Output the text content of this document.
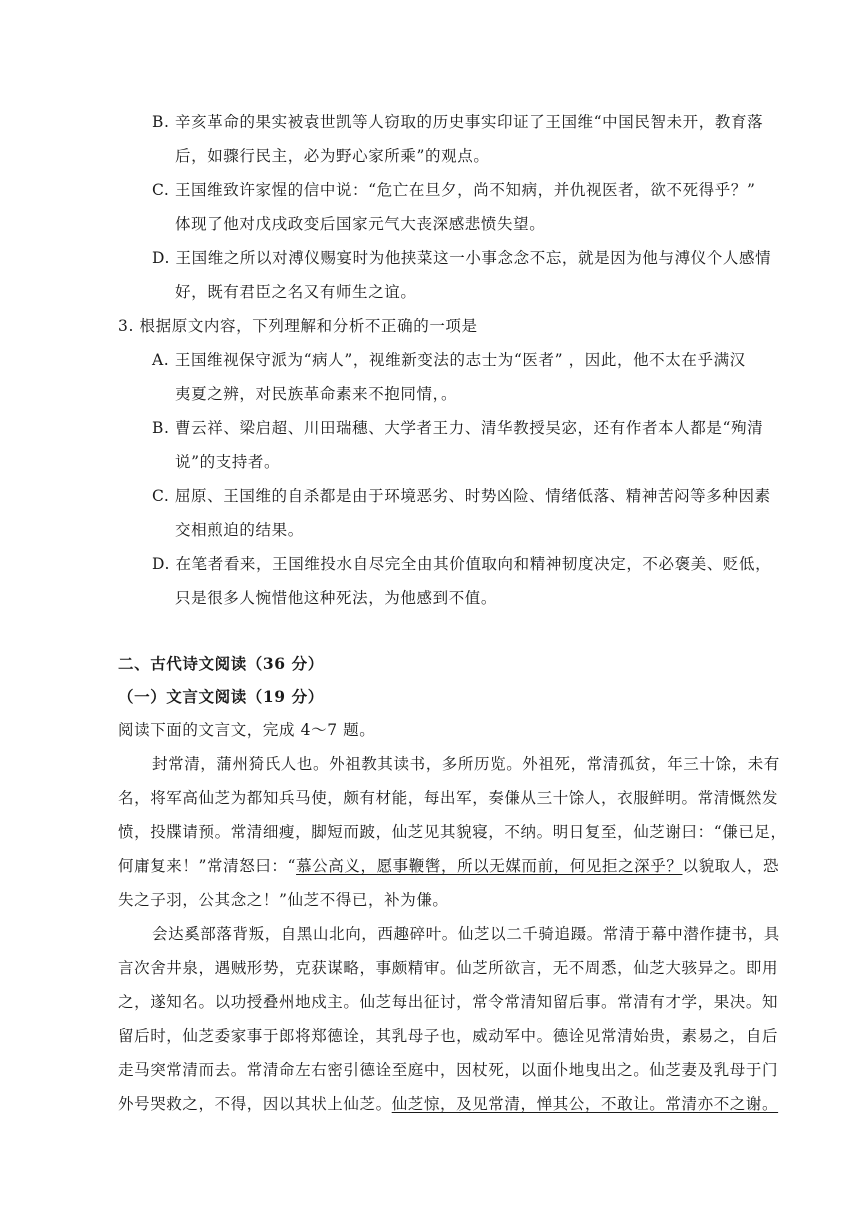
B. 辛亥革命的果实被袁世凯等人窃取的历史事实印证了王国维“中国民智未开，教育落
后，如骤行民主，必为野心家所乘”的观点。
C. 王国维致许家惺的信中说：“危亡在旦夕，尚不知病，并仇视医者，欲不死得乎？”
体现了他对戊戌政变后国家元气大丧深感悲愤失望。
D. 王国维之所以对溥仪赐宴时为他挟菜这一小事念念不忘，就是因为他与溥仪个人感情
好，既有君臣之名又有师生之谊。
3. 根据原文内容，下列理解和分析不正确的一项是
A. 王国维视保守派为“病人”，视维新变法的志士为“医者” ，因此，他不太在乎满汉
夷夏之辨，对民族革命素来不抱同情，。
B. 曹云祥、梁启超、川田瑞穗、大学者王力、清华教授吴宓，还有作者本人都是“殉清
说”的支持者。
C. 屈原、王国维的自杀都是由于环境恶劣、时势凶险、情绪低落、精神苦闷等多种因素
交相煎迫的结果。
D. 在笔者看来，王国维投水自尽完全由其价值取向和精神韧度决定，不必褒美、贬低，
只是很多人惋惜他这种死法，为他感到不值。
二、古代诗文阅读（36 分）
（一）文言文阅读（19 分）
阅读下面的文言文，完成 4～7 题。
封常清，蒲州猗氏人也。外祖教其读书，多所历览。外祖死，常清孤贫，年三十馀，未有
名，将军高仙芝为都知兵马使，颇有材能，每出军，奏傔从三十馀人，衣服鲜明。常清慨然发
愤，投牒请预。常清细瘦，脚短而跛，仙芝见其貌寝，不纳。明日复至，仙芝谢曰：“傔已足，
何庸复来！”常清怒曰：“慕公高义，愿事鞭辔，所以无媒而前，何见拒之深乎？以貌取人，恐
失之子羽，公其念之！”仙芝不得已，补为傔。
会达奚部落背叛，自黑山北向，西趣碎叶。仙芝以二千骑追蹑。常清于幕中潜作捷书，具
言次舍井泉，遇贼形势，克获谋略，事颇精审。仙芝所欲言，无不周悉，仙芝大骇异之。即用
之，遂知名。以功授叠州地戍主。仙芝每出征讨，常令常清知留后事。常清有才学，果决。知
留后时，仙芝委家事于郎将郑德诠，其乳母子也，威动军中。德诠见常清始贵，素易之，自后
走马突常清而去。常清命左右密引德诠至庭中，因杖死，以面仆地曳出之。仙芝妻及乳母于门
外号哭救之，不得，因以其状上仙芝。仙芝惊，及见常清，惮其公，不敢让。常清亦不之谢。
